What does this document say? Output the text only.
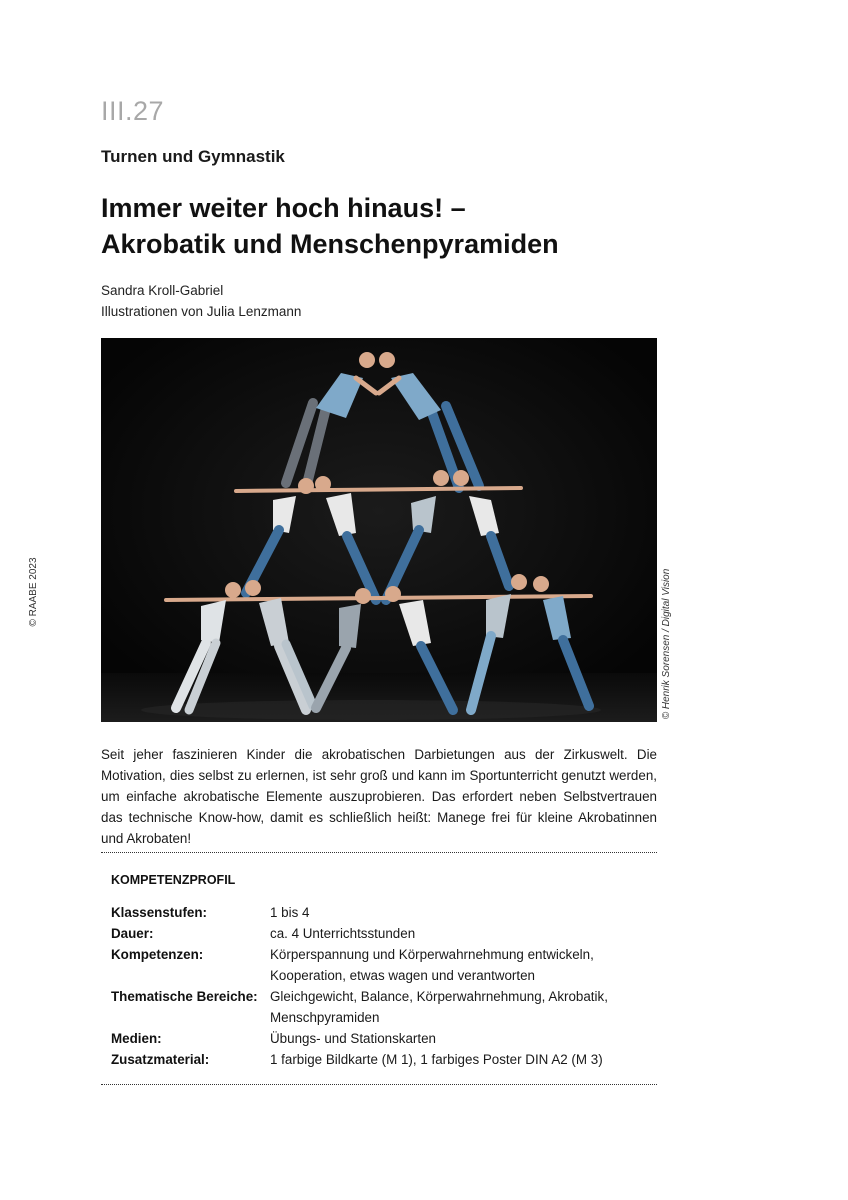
III.27
Turnen und Gymnastik
Immer weiter hoch hinaus! –
Akrobatik und Menschenpyramiden
Sandra Kroll-Gabriel
Illustrationen von Julia Lenzmann
© RAABE 2023	© Henrik Sorensen / Digital Vision
Seit jeher faszinieren Kinder die akrobatischen Darbietungen aus der Zirkuswelt. Die Motivation, dies selbst zu erlernen, ist sehr groß und kann im Sportunterricht genutzt werden, um einfache akrobatische Elemente auszuprobieren. Das erfordert neben Selbstvertrauen das technische Know-how, damit es schließlich heißt: Manege frei für kleine Akrobatinnen und Akrobaten!
KOMPETENZPROFIL
Klassenstufen:	1 bis 4
Dauer:	ca. 4 Unterrichtsstunden
Kompetenzen:	Körperspannung und Körperwahrnehmung entwickeln, Kooperation, etwas wagen und verantworten
Thematische Bereiche: Gleichgewicht, Balance, Körperwahrnehmung, Akrobatik, Menschpyramiden
Medien:	Übungs- und Stationskarten
Zusatzmaterial:	1 farbige Bildkarte (M 1), 1 farbiges Poster DIN A2 (M 3)
